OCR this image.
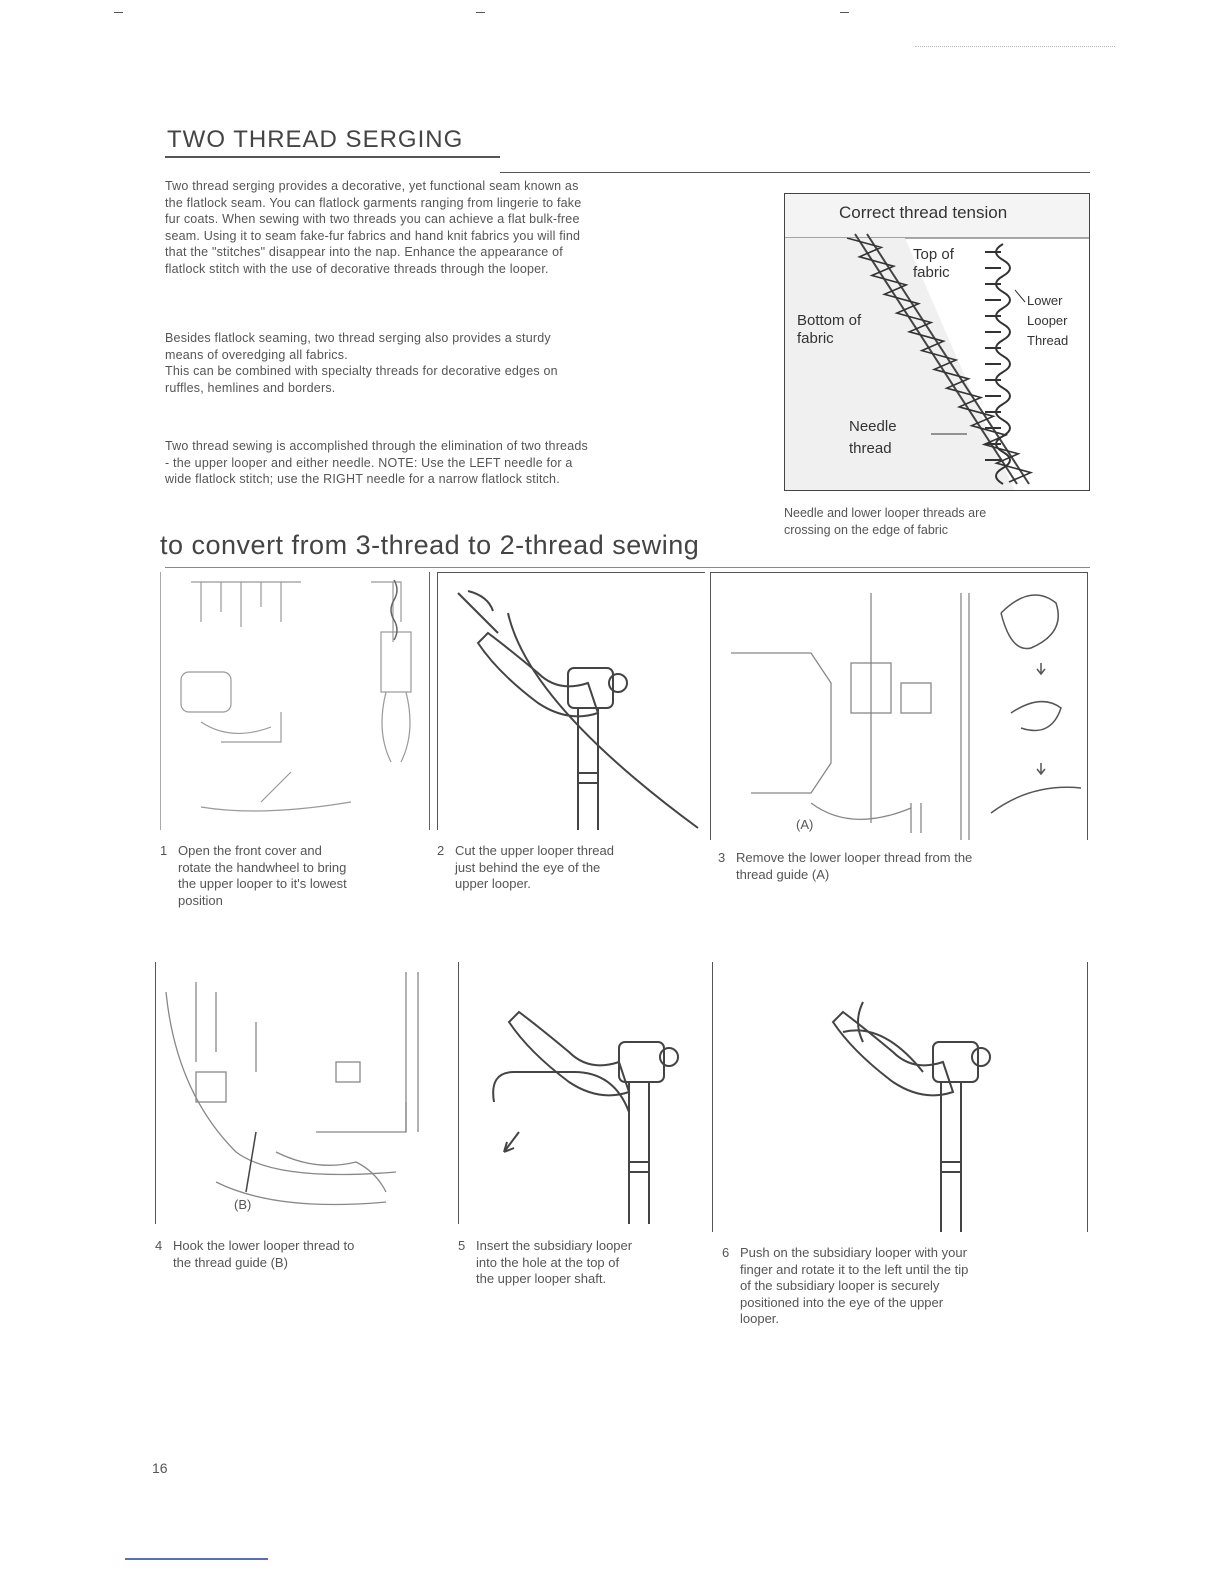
TWO THREAD SERGING

Two thread serging provides a decorative, yet functional seam known as

the flatlock seam. You can flatlock garments ranging from lingerie to fake

fur coats. When sewing with two threads you can achieve a flat bulk-free

seam. Using it to seam fake-fur fabrics and hand knit fabrics you will find

that the "stitches" disappear into the nap. Enhance the appearance of

flatlock stitch with the use of decorative threads through the looper.

Besides flatlock seaming, two thread serging also provides a sturdy

means of overedging all fabrics.

This can be combined with specialty threads for decorative edges on

ruffles, hemlines and borders.

Two thread sewing is accomplished through the elimination of two threads

- the upper looper and either needle. NOTE: Use the LEFT needle for a

wide flatlock stitch; use the RIGHT needle for a narrow flatlock stitch.

Correct thread tension
Top of
fabric
Bottom of
fabric
Lower
Looper
Thread
Needle
thread
Needle and lower looper threads are
crossing on the edge of fabric
to convert from 3-thread to 2-thread sewing
(A)
1 Open the front cover and
rotate the handwheel to bring
the upper looper to it's lowest
position
2 Cut the upper looper thread
just behind the eye of the
upper looper.
3 Remove the lower looper thread from the
thread guide (A)
(B)
4 Hook the lower looper thread to
the thread guide (B)
5 Insert the subsidiary looper
into the hole at the top of
the upper looper shaft.
6 Push on the subsidiary looper with your
finger and rotate it to the left until the tip
of the subsidiary looper is securely
positioned into the eye of the upper
looper.
16
